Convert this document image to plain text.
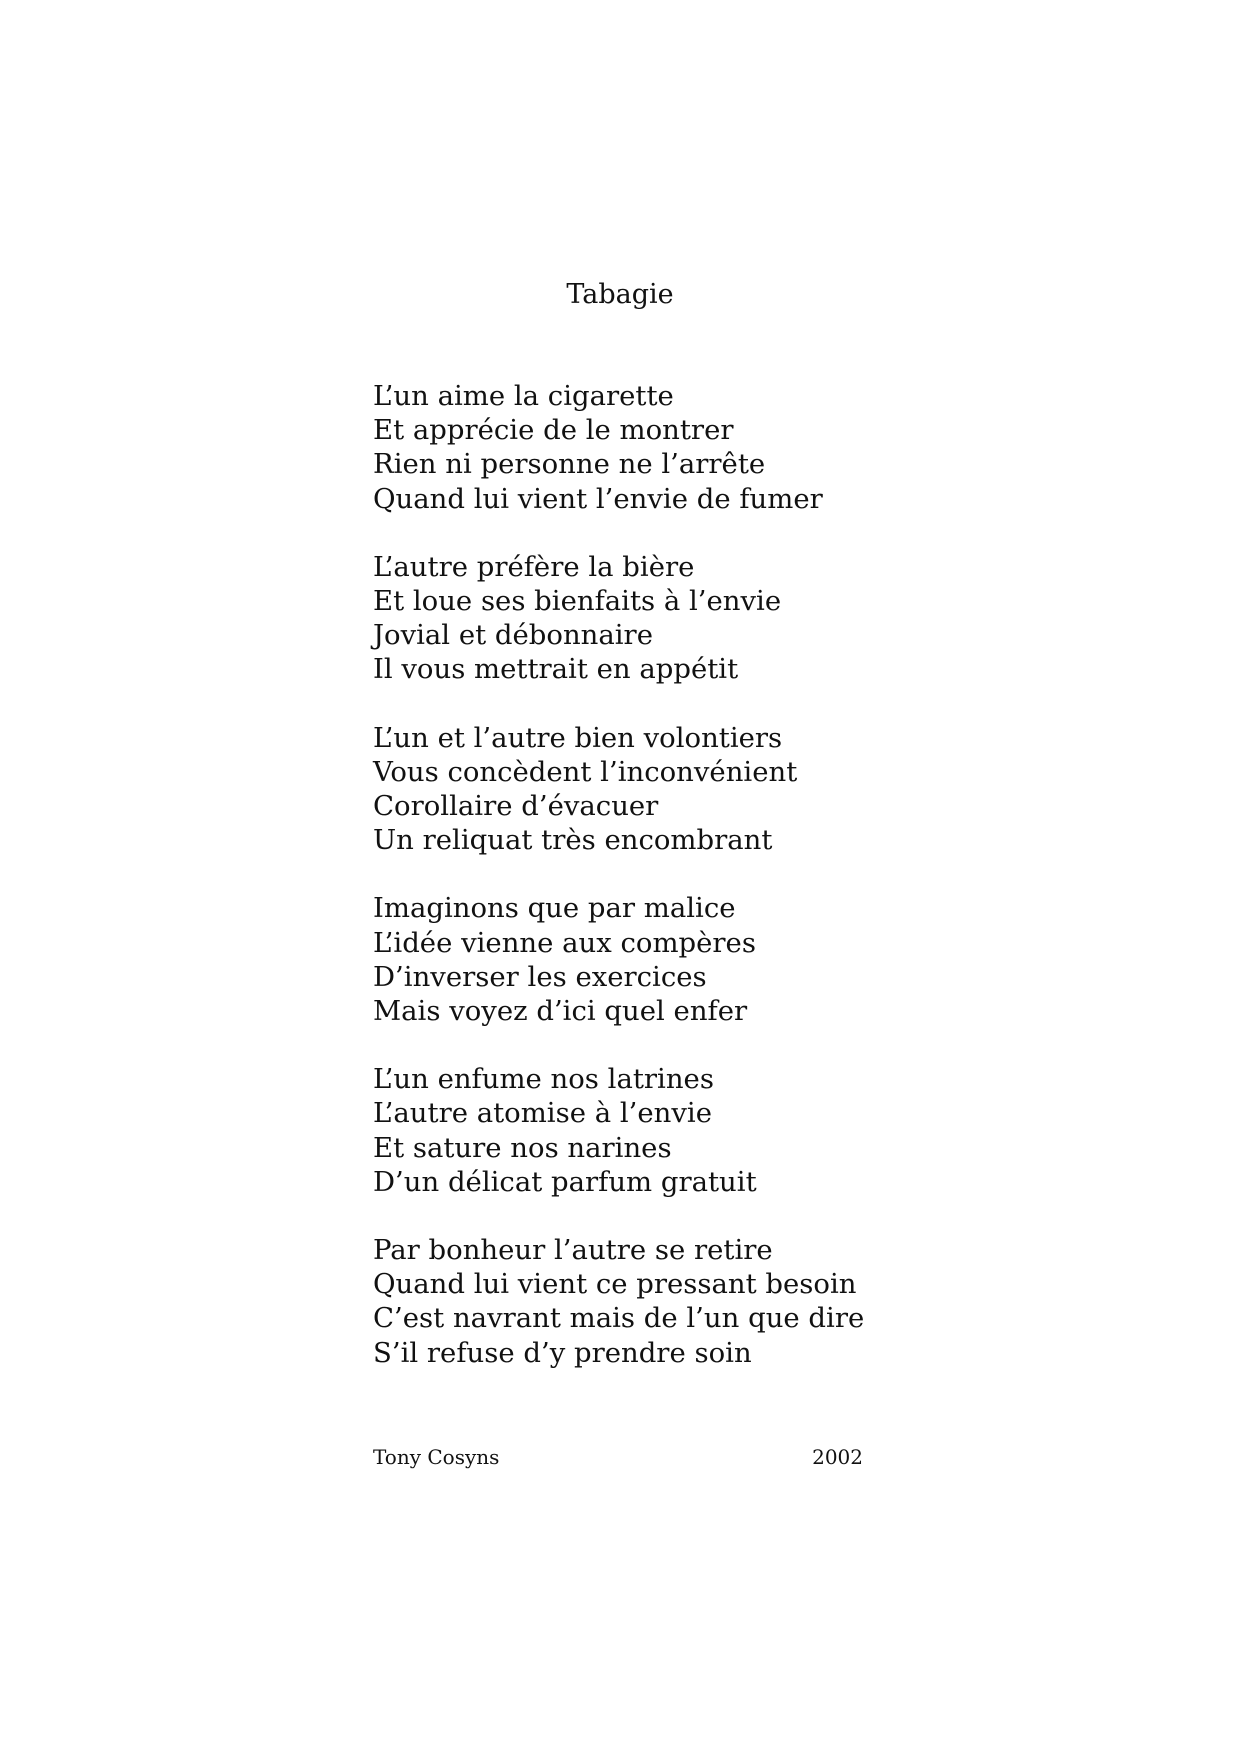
Tabagie
L’un aime la cigarette
Et apprécie de le montrer
Rien ni personne ne l’arrête
Quand lui vient l’envie de fumer
L’autre préfère la bière
Et loue ses bienfaits à l’envie
Jovial et débonnaire
Il vous mettrait en appétit
L’un et l’autre bien volontiers
Vous concèdent l’inconvénient
Corollaire d’évacuer
Un reliquat très encombrant
Imaginons que par malice
L’idée vienne aux compères
D’inverser les exercices
Mais voyez d’ici quel enfer
L’un enfume nos latrines
L’autre atomise à l’envie
Et sature nos narines
D’un délicat parfum gratuit
Par bonheur l’autre se retire
Quand lui vient ce pressant besoin
C’est navrant mais de l’un que dire
S’il refuse d’y prendre soin
Tony Cosyns	2002
